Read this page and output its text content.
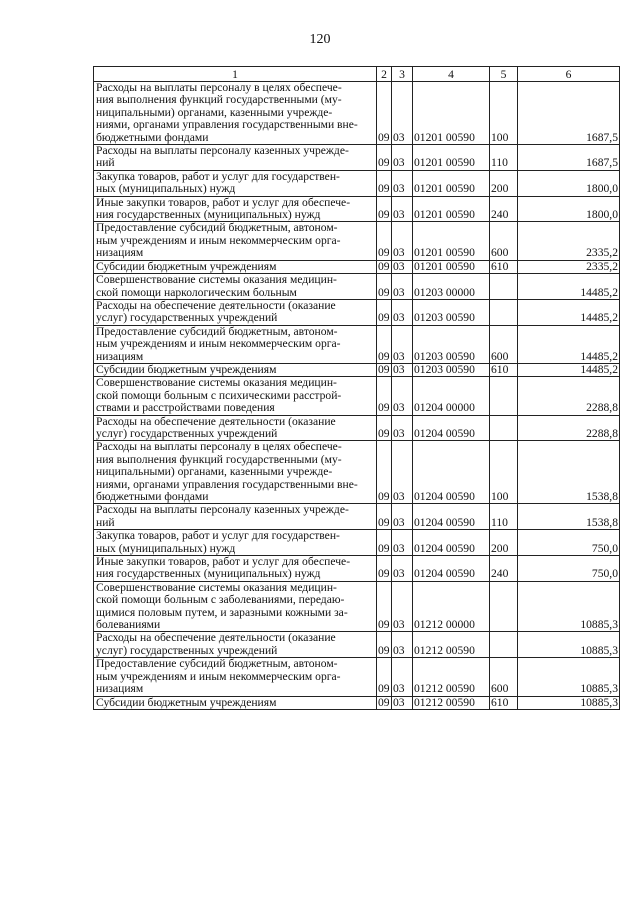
120
1	2	3	4	5	6
Расходы на выплаты персоналу в целях обеспече-
ния выполнения функций государственными (му-
ниципальными) органами, казенными учрежде-
ниями, органами управления государственными вне-
бюджетными фондами	09	03	01201 00590	100	1687,5
Расходы на выплаты персоналу казенных учрежде-
ний	09	03	01201 00590	110	1687,5
Закупка товаров, работ и услуг для государствен-
ных (муниципальных) нужд	09	03	01201 00590	200	1800,0
Иные закупки товаров, работ и услуг для обеспече-
ния государственных (муниципальных) нужд	09	03	01201 00590	240	1800,0
Предоставление субсидий бюджетным, автоном-
ным учреждениям и иным некоммерческим орга-
низациям	09	03	01201 00590	600	2335,2
Субсидии бюджетным учреждениям	09	03	01201 00590	610	2335,2
Совершенствование системы оказания медицин-
ской помощи наркологическим больным	09	03	01203 00000		14485,2
Расходы на обеспечение деятельности (оказание
услуг) государственных учреждений	09	03	01203 00590		14485,2
Предоставление субсидий бюджетным, автоном-
ным учреждениям и иным некоммерческим орга-
низациям	09	03	01203 00590	600	14485,2
Субсидии бюджетным учреждениям	09	03	01203 00590	610	14485,2
Совершенствование системы оказания медицин-
ской помощи больным с психическими расстрой-
ствами и расстройствами поведения	09	03	01204 00000		2288,8
Расходы на обеспечение деятельности (оказание
услуг) государственных учреждений	09	03	01204 00590		2288,8
Расходы на выплаты персоналу в целях обеспече-
ния выполнения функций государственными (му-
ниципальными) органами, казенными учрежде-
ниями, органами управления государственными вне-
бюджетными фондами	09	03	01204 00590	100	1538,8
Расходы на выплаты персоналу казенных учрежде-
ний	09	03	01204 00590	110	1538,8
Закупка товаров, работ и услуг для государствен-
ных (муниципальных) нужд	09	03	01204 00590	200	750,0
Иные закупки товаров, работ и услуг для обеспече-
ния государственных (муниципальных) нужд	09	03	01204 00590	240	750,0
Совершенствование системы оказания медицин-
ской помощи больным с заболеваниями, передаю-
щимися половым путем, и заразными кожными за-
болеваниями	09	03	01212 00000		10885,3
Расходы на обеспечение деятельности (оказание
услуг) государственных учреждений	09	03	01212 00590		10885,3
Предоставление субсидий бюджетным, автоном-
ным учреждениям и иным некоммерческим орга-
низациям	09	03	01212 00590	600	10885,3
Субсидии бюджетным учреждениям	09	03	01212 00590	610	10885,3
